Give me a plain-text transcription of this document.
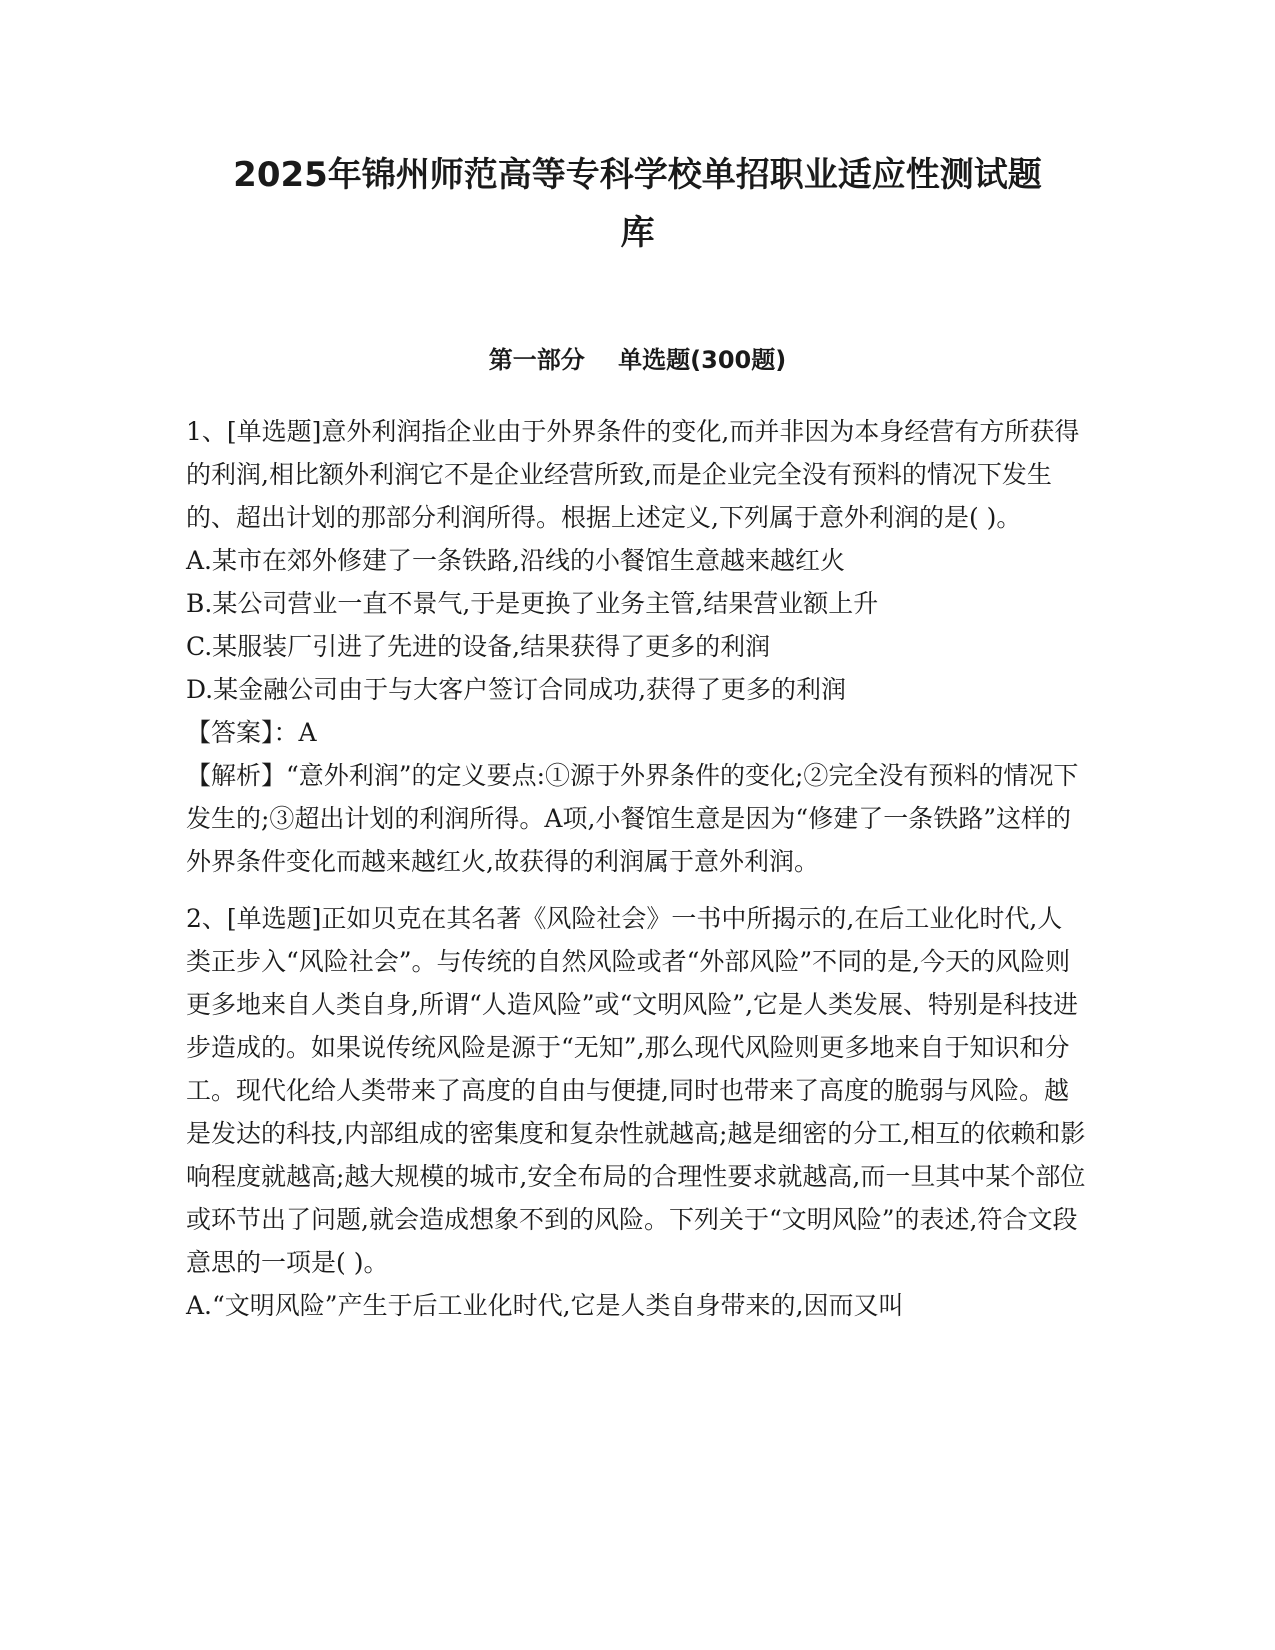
2025年锦州师范高等专科学校单招职业适应性测试题
库
第一部分    单选题(300题)

1、[单选题]意外利润指企业由于外界条件的变化,而并非因为本身经营有方所获得的利润,相比额外利润它不是企业经营所致,而是企业完全没有预料的情况下发生的、超出计划的那部分利润所得。根据上述定义,下列属于意外利润的是( )。

A.某市在郊外修建了一条铁路,沿线的小餐馆生意越来越红火

B.某公司营业一直不景气,于是更换了业务主管,结果营业额上升

C.某服装厂引进了先进的设备,结果获得了更多的利润

D.某金融公司由于与大客户签订合同成功,获得了更多的利润

【答案】：A

【解析】“意外利润”的定义要点:①源于外界条件的变化;②完全没有预料的情况下发生的;③超出计划的利润所得。A项,小餐馆生意是因为“修建了一条铁路”这样的外界条件变化而越来越红火,故获得的利润属于意外利润。

2、[单选题]正如贝克在其名著《风险社会》一书中所揭示的,在后工业化时代,人类正步入“风险社会”。与传统的自然风险或者“外部风险”不同的是,今天的风险则更多地来自人类自身,所谓“人造风险”或“文明风险”,它是人类发展、特别是科技进步造成的。如果说传统风险是源于“无知”,那么现代风险则更多地来自于知识和分工。现代化给人类带来了高度的自由与便捷,同时也带来了高度的脆弱与风险。越是发达的科技,内部组成的密集度和复杂性就越高;越是细密的分工,相互的依赖和影响程度就越高;越大规模的城市,安全布局的合理性要求就越高,而一旦其中某个部位或环节出了问题,就会造成想象不到的风险。下列关于“文明风险”的表述,符合文段意思的一项是( )。

A.“文明风险”产生于后工业化时代,它是人类自身带来的,因而又叫
